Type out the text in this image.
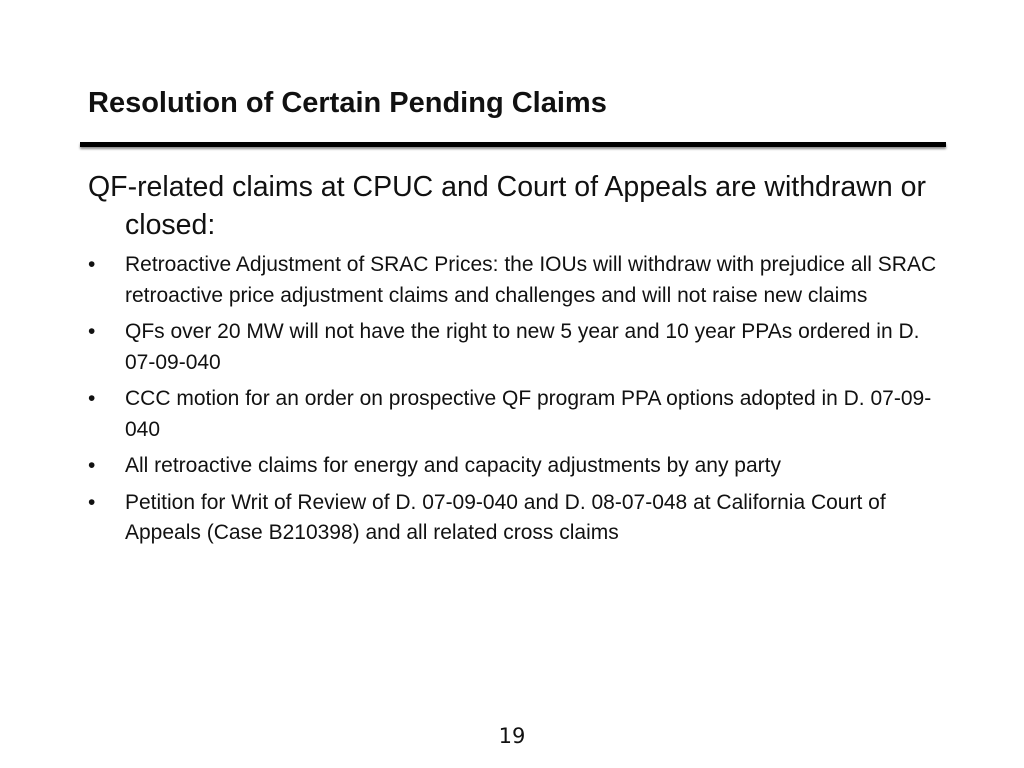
Resolution of Certain Pending Claims

QF-related claims at CPUC and Court of Appeals are withdrawn or closed:

•	Retroactive Adjustment of SRAC Prices: the IOUs will withdraw with prejudice all SRAC retroactive price adjustment claims and challenges and will not raise new claims
•	QFs over 20 MW will not have the right to new 5 year and 10 year PPAs ordered in D. 07-09-040
•	CCC motion for an order on prospective QF program PPA options adopted in D. 07-09-040
•	All retroactive claims for energy and capacity adjustments by any party
•	Petition for Writ of Review of D. 07-09-040 and D. 08-07-048 at California Court of Appeals (Case B210398) and all related cross claims
19
